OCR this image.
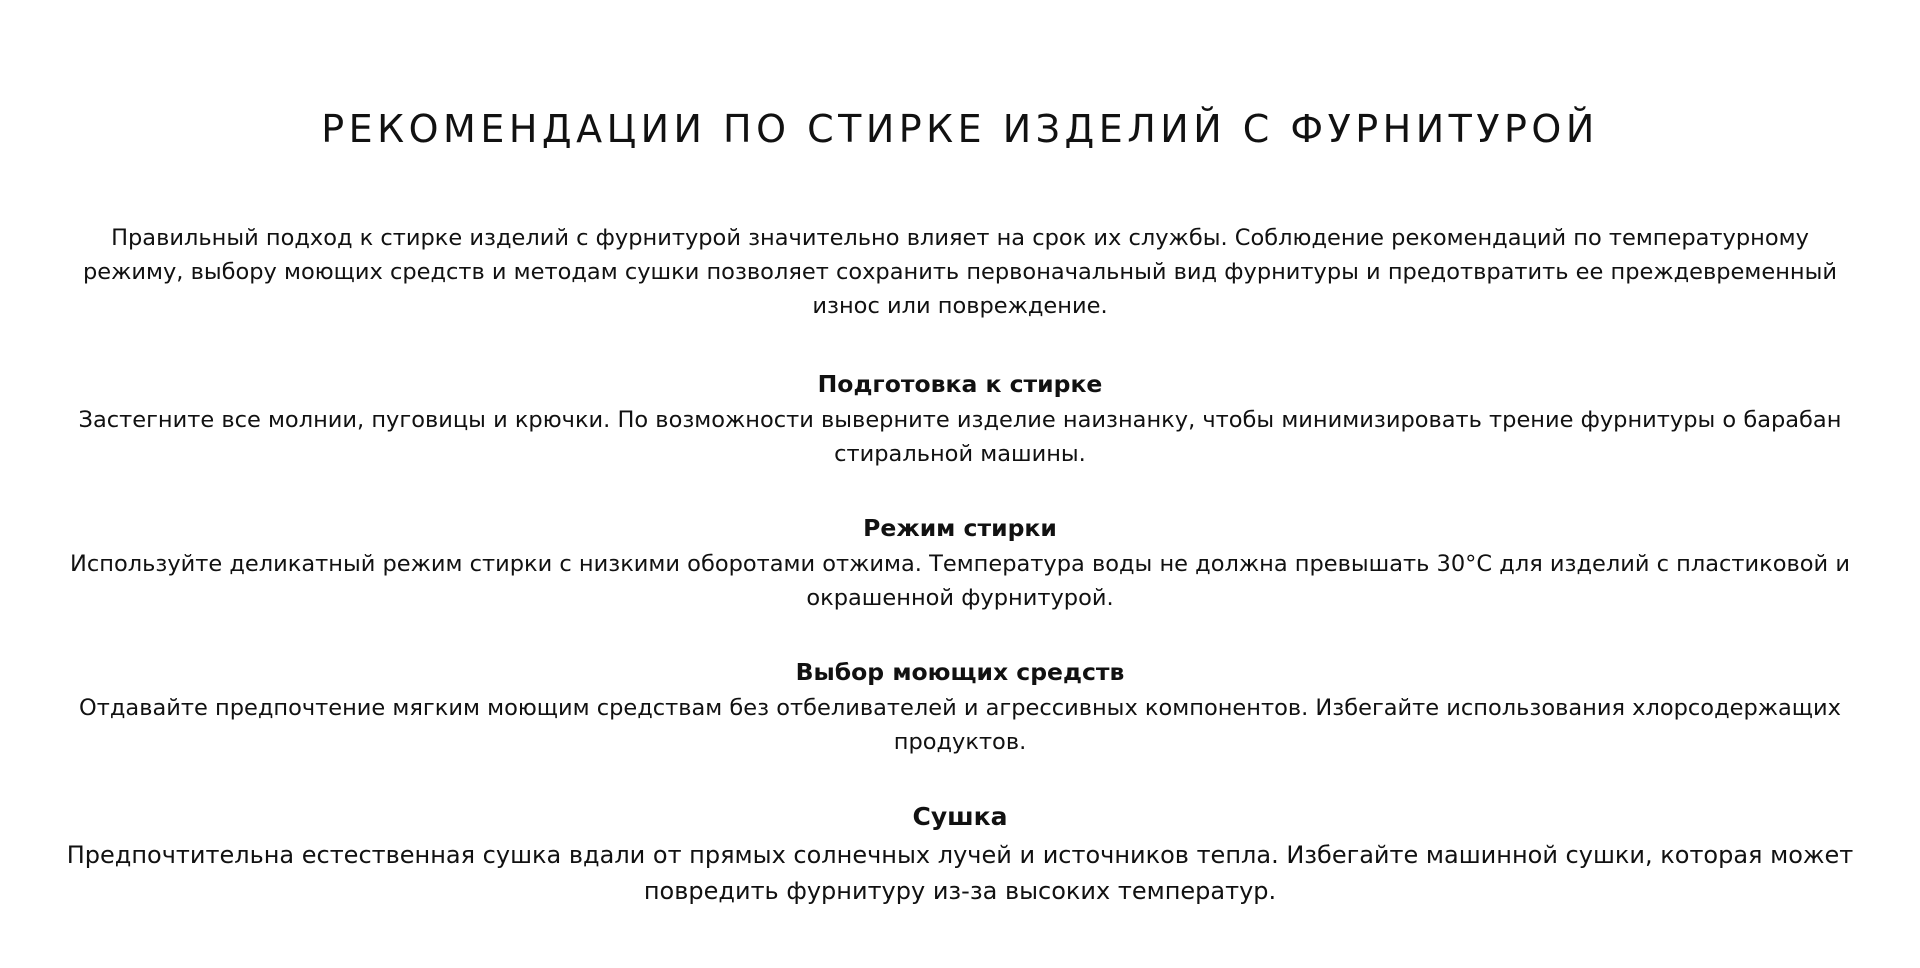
РЕКОМЕНДАЦИИ ПО СТИРКЕ ИЗДЕЛИЙ С ФУРНИТУРОЙ

Правильный подход к стирке изделий с фурнитурой значительно влияет на срок их службы. Соблюдение рекомендаций по температурному режиму, выбору моющих средств и методам сушки позволяет сохранить первоначальный вид фурнитуры и предотвратить ее преждевременный износ или повреждение.

Подготовка к стирке

Застегните все молнии, пуговицы и крючки. По возможности выверните изделие наизнанку, чтобы минимизировать трение фурнитуры о барабан стиральной машины.

Режим стирки

Используйте деликатный режим стирки с низкими оборотами отжима. Температура воды не должна превышать 30°C для изделий с пластиковой и окрашенной фурнитурой.

Выбор моющих средств

Отдавайте предпочтение мягким моющим средствам без отбеливателей и агрессивных компонентов. Избегайте использования хлорсодержащих продуктов.

Сушка

Предпочтительна естественная сушка вдали от прямых солнечных лучей и источников тепла. Избегайте машинной сушки, которая может повредить фурнитуру из-за высоких температур.
